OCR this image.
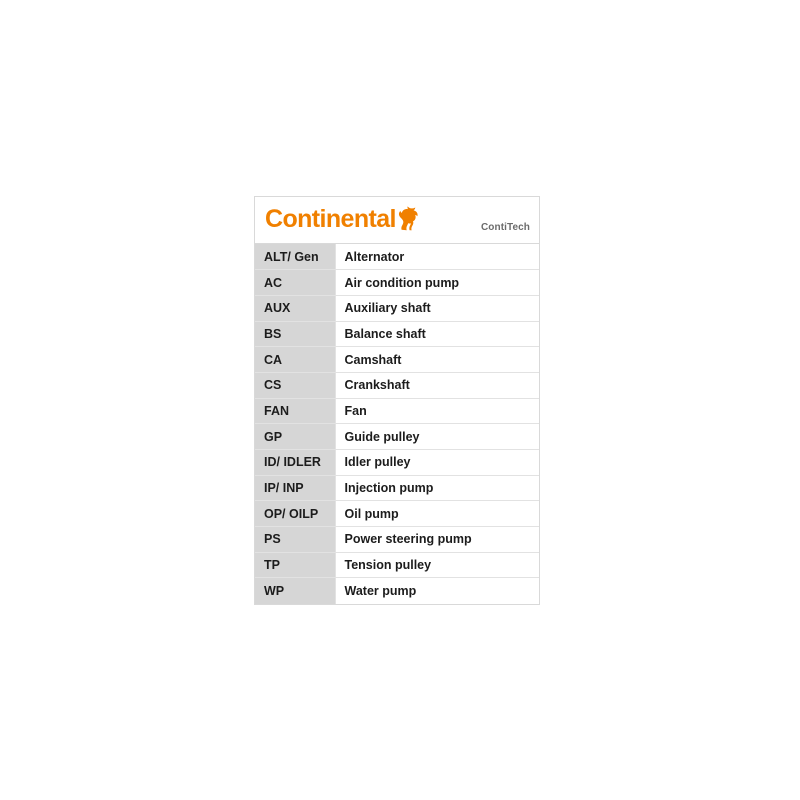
Continental	ContiTech
ALT/ Gen	Alternator
AC	Air condition pump
AUX	Auxiliary shaft
BS	Balance shaft
CA	Camshaft
CS	Crankshaft
FAN	Fan
GP	Guide pulley
ID/ IDLER	Idler pulley
IP/ INP	Injection pump
OP/ OILP	Oil pump
PS	Power steering pump
TP	Tension pulley
WP	Water pump
